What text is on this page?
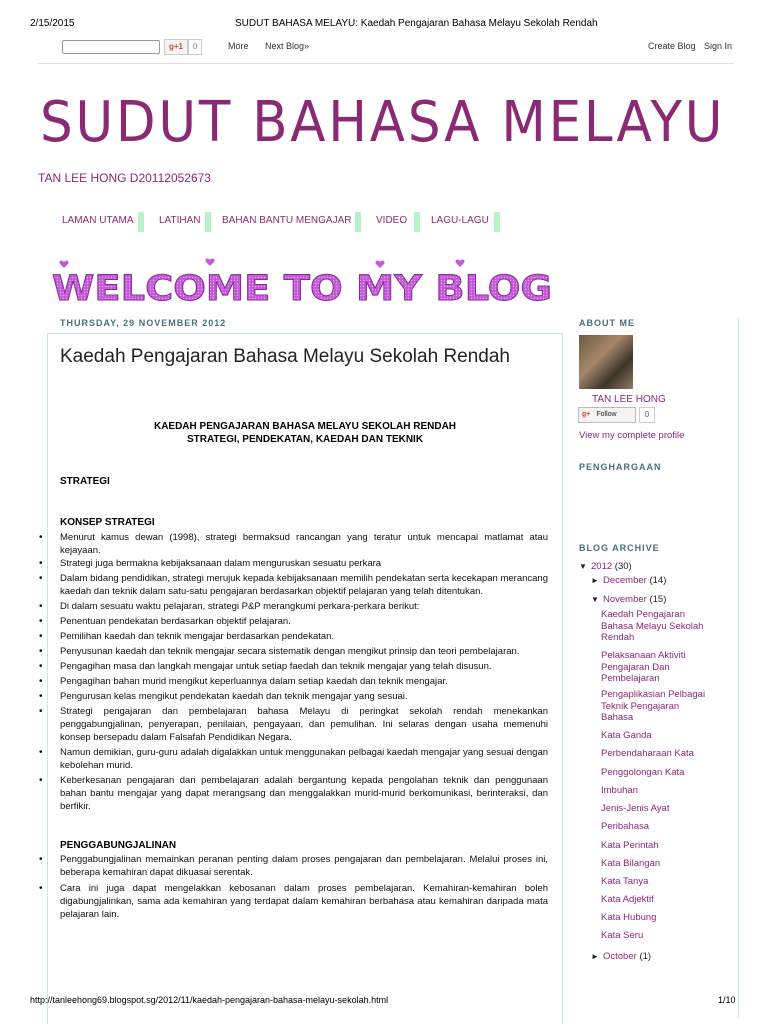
2/15/2015	SUDUT BAHASA MELAYU: Kaedah Pengajaran Bahasa Melayu Sekolah Rendah
g+1	0	More Next Blog»	Create Blog Sign In
SUDUT BAHASA MELAYU
TAN LEE HONG D20112052673
LAMAN UTAMA	LATIHAN BAHAN BANTU MENGAJAR VIDEO LAGU-LAGU
WELCOME TO MY BLOG
THURSDAY, 29 NOVEMBER 2012
Kaedah Pengajaran Bahasa Melayu Sekolah Rendah
KAEDAH PENGAJARAN BAHASA MELAYU SEKOLAH RENDAH
STRATEGI, PENDEKATAN, KAEDAH DAN TEKNIK
STRATEGI
KONSEP STRATEGI

• Menurut kamus dewan (1998), strategi bermaksud rancangan yang teratur untuk mencapai matlamat atau kejayaan.

• Strategi juga bermakna kebijaksanaan dalam menguruskan sesuatu perkara

• Dalam bidang pendidikan, strategi merujuk kepada kebijaksanaan memilih pendekatan serta kecekapan merancang kaedah dan teknik dalam satu-satu pengajaran berdasarkan objektif pelajaran yang telah ditentukan.

• Di dalam sesuatu waktu pelajaran, strategi P&P merangkumi perkara-perkara berikut:

• Penentuan pendekatan berdasarkan objektif pelajaran.

• Pemilihan kaedah dan teknik mengajar berdasarkan pendekatan.

• Penyusunan kaedah dan teknik mengajar secara sistematik dengan mengikut prinsip dan teori pembelajaran.

• Pengagihan masa dan langkah mengajar untuk setiap faedah dan teknik mengajar yang telah disusun.

• Pengagihan bahan murid mengikut keperluannya dalam setiap kaedah dan teknik mengajar.

• Pengurusan kelas mengikut pendekatan kaedah dan teknik mengajar yang sesuai.

• Strategi pengajaran dan pembelajaran bahasa Melayu di peringkat sekolah rendah menekankan penggabungjalinan, penyerapan, penilaian, pengayaan, dan pemulihan. Ini selaras dengan usaha memenuhi konsep bersepadu dalam Falsafah Pendidikan Negara.

• Namun demikian, guru-guru adalah digalakkan untuk menggunakan pelbagai kaedah mengajar yang sesuai dengan kebolehan murid.

• Keberkesanan pengajaran dan pembelajaran adalah bergantung kepada pengolahan teknik dan penggunaan bahan bantu mengajar yang dapat merangsang dan menggalakkan murid-murid berkomunikasi, berinteraksi, dan berfikir.

PENGGABUNGJALINAN

• Penggabungjalinan memainkan peranan penting dalam proses pengajaran dan pembelajaran. Melalui proses ini, beberapa kemahiran dapat dikuasai serentak.

• Cara ini juga dapat mengelakkan kebosanan dalam proses pembelajaran. Kemahiran-kemahiran boleh digabungjalinkan, sama ada kemahiran yang terdapat dalam kemahiran berbahasa atau kemahiran daripada mata pelajaran lain.

ABOUT ME
TAN LEE HONG
g+ Follow	0
View my complete profile
PENGHARGAAN
BLOG ARCHIVE
▼ 2012 (30)
► December (14)
▼ November (15)
Kaedah Pengajaran Bahasa Melayu Sekolah Rendah
Pelaksanaan Aktiviti Pengajaran Dan Pembelajaran
Pengaplikasian Pelbagai Teknik Pengajaran Bahasa
Kata Ganda
Perbendaharaan Kata
Penggolongan Kata
Imbuhan
Jenis-Jenis Ayat
Peribahasa
Kata Perintah
Kata Bilangan
Kata Tanya
Kata Adjektif
Kata Hubung
Kata Seru
► October (1)
http://tanleehong69.blogspot.sg/2012/11/kaedah-pengajaran-bahasa-melayu-sekolah.html	1/10
